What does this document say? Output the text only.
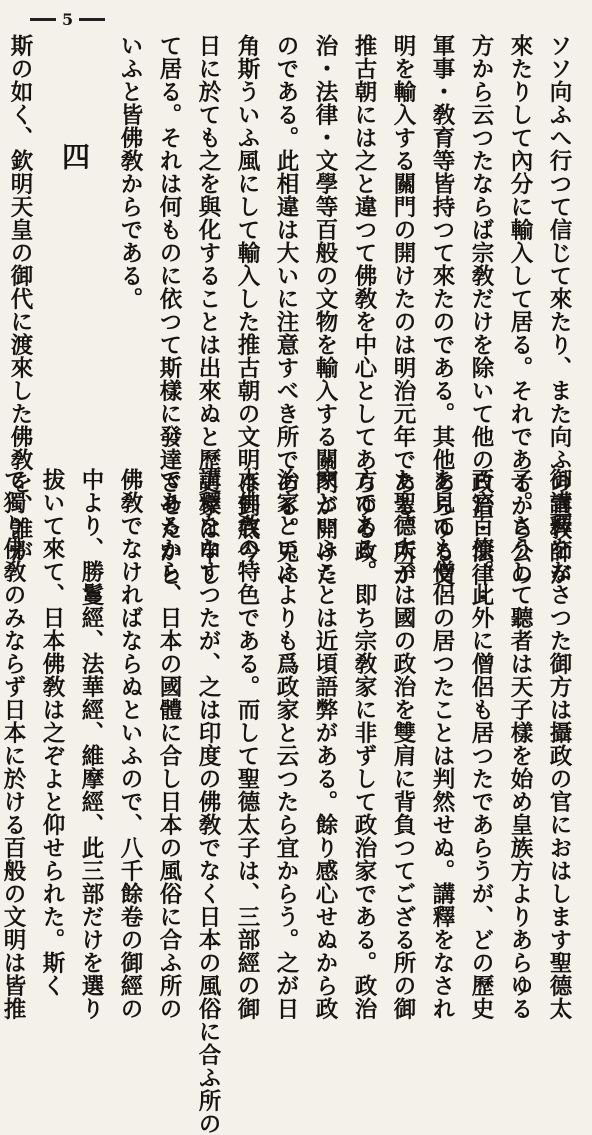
5
ソソ向ふへ行つて信じて來たり、また向ふの宣敎師が
來たりして內分に輸入して居る。それであるから公の
方から云つたならば宗敎だけを除いて他の政治・法律・
軍事・敎育等皆持つて來たのである。其他あらゆる文
明を輸入する關門の開けたのは明治元年である。所が
推古朝には之と違つて佛敎を中心としてあらゆる政
治・法律・文學等百般の文物を輸入する關門が開けた
のである。此相違は大いに注意すべき所である。兎に
角斯ういふ風にして輸入した推古朝の文明は到底今
日に於ても之を與化することは出來ぬと歷史家は申し
て居る。それは何ものに依つて斯樣に發達させたかと
いふと皆佛敎からである。
四
斯の如く、欽明天皇の御代に渡來した佛敎を、誰が
御講釋をなさつた御方は攝政の官におはします聖德太
子。さうして聽者は天子樣を始め皇族方よりあらゆる
百官百僚。此外に僧侶も居つたであらうが、どの歷史
を見ても僧侶の居つたことは判然せぬ。講釋をなされ
た聖德太子は國の政治を雙肩に背負つてござる所の御
方である。即ち宗敎家に非ずして政治家である。政治
家といふことは近頃語弊がある。餘り感心せぬから政
治家といふよりも爲政家と云つたら宜からう。之が日
本佛敎の特色である。而して聖德太子は、三部經の御
講釋をなすつたが、之は印度の佛敎でなく日本の風俗に合ふ所の
であるから、日本の國體に合し日本の風俗に合ふ所の
佛敎でなければならぬといふので、八千餘卷の御經の
中より、勝鬘經、法華經、維摩經、此三部だけを選り
拔いて來て、日本佛敎は之ぞよと仰せられた。斯く
て獨り佛敎のみならず日本に於ける百般の文明は皆推
